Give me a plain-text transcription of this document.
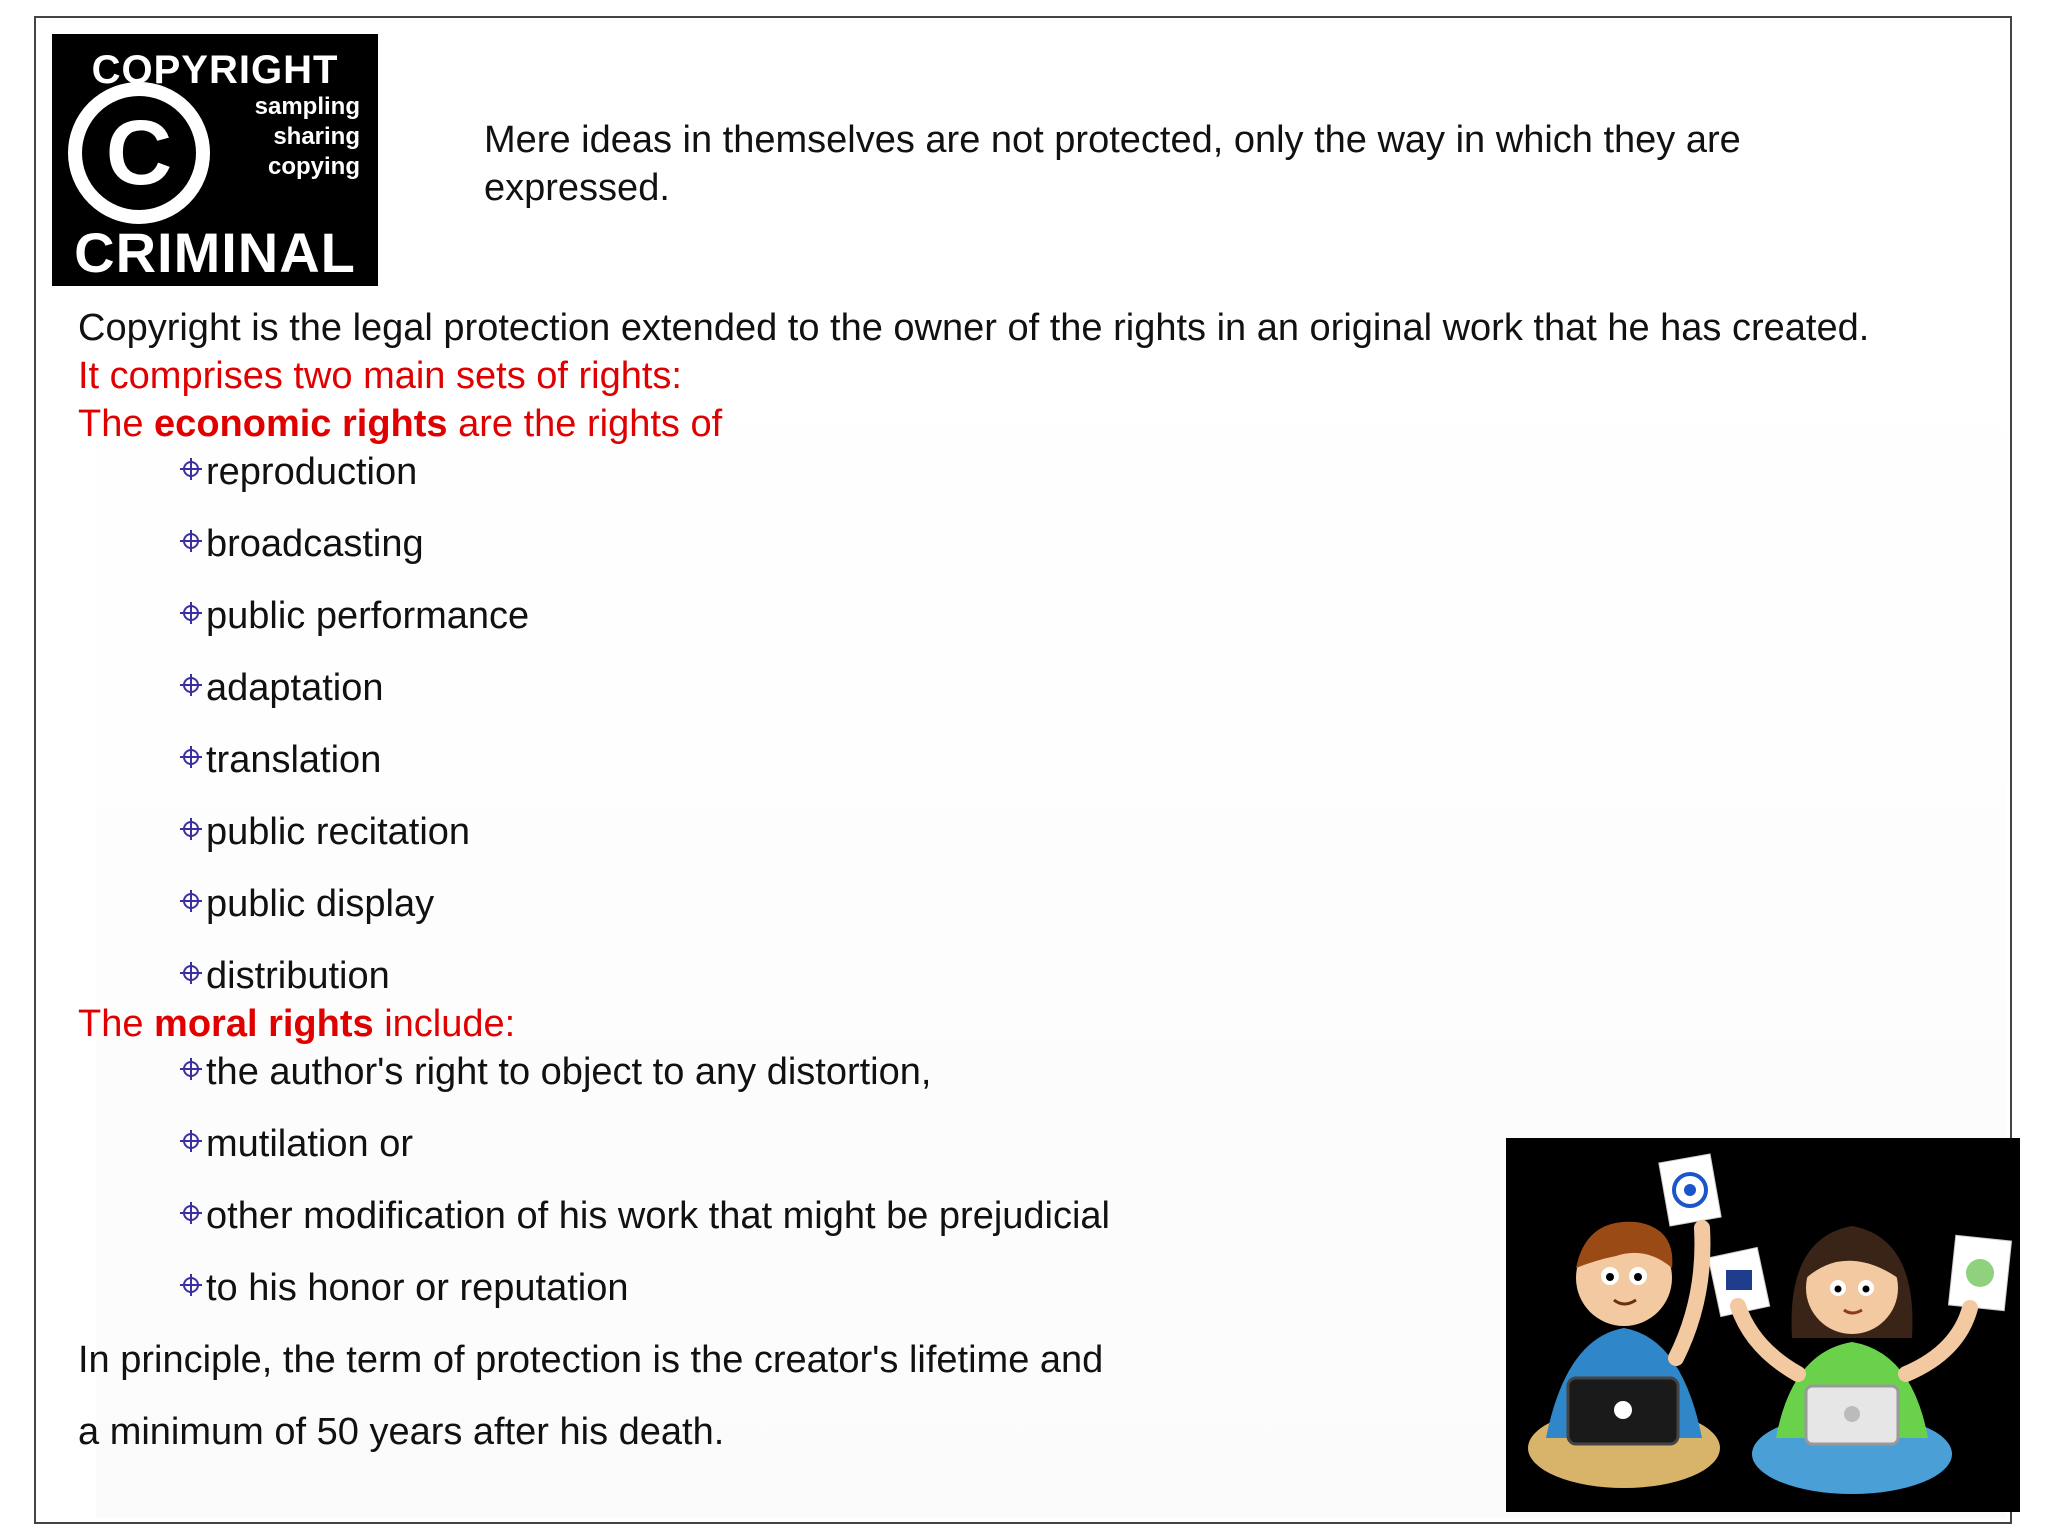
COPYRIGHT
C	sampling
sharing
copying
CRIMINAL
Mere ideas in themselves are not protected, only the way in which they are expressed.
Copyright is the legal protection extended to the owner of the rights in an original work that he has created.
It comprises two main sets of rights:
The economic rights are the rights of
reproduction
broadcasting
public performance
adaptation
translation
public recitation
public display
distribution
The moral rights include:
the author's right to object to any distortion,
mutilation or
other modification of his work that might be prejudicial
to his honor or reputation
In principle, the term of protection is the creator's lifetime and
a minimum of 50 years after his death.
